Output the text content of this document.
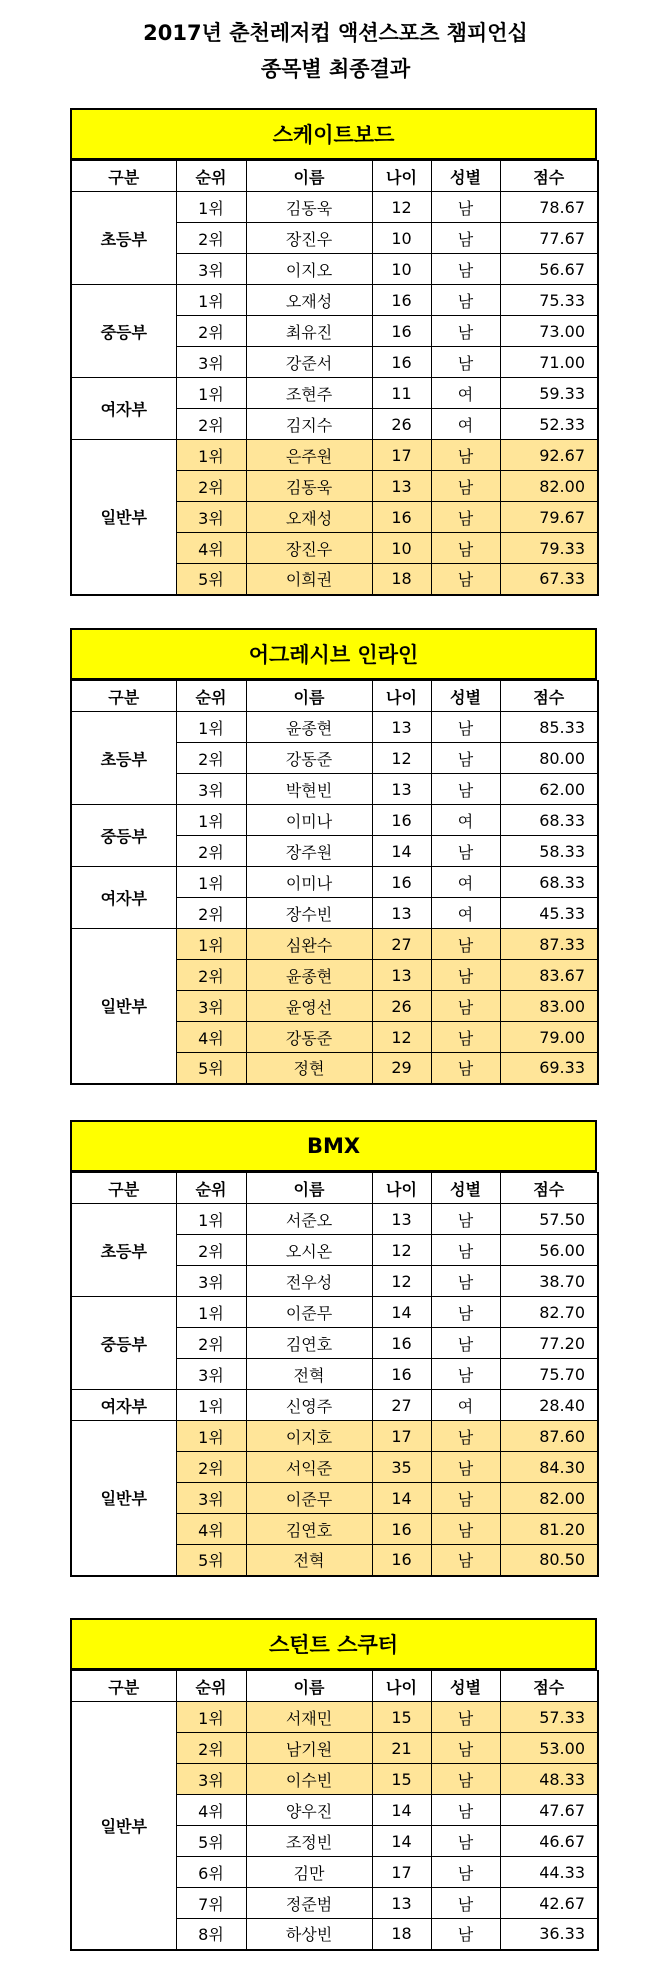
2017년 춘천레저컵 액션스포츠 챔피언십
종목별 최종결과
스케이트보드
구분	순위	이름	나이	성별	점수
초등부	1위	김동욱	12	남	78.67
	2위	장진우	10	남	77.67
	3위	이지오	10	남	56.67
중등부	1위	오재성	16	남	75.33
	2위	최유진	16	남	73.00
	3위	강준서	16	남	71.00
여자부	1위	조현주	11	여	59.33
	2위	김지수	26	여	52.33
일반부	1위	은주원	17	남	92.67
	2위	김동욱	13	남	82.00
	3위	오재성	16	남	79.67
	4위	장진우	10	남	79.33
	5위	이희권	18	남	67.33
어그레시브 인라인
구분	순위	이름	나이	성별	점수
초등부	1위	윤종현	13	남	85.33
	2위	강동준	12	남	80.00
	3위	박현빈	13	남	62.00
중등부	1위	이미나	16	여	68.33
	2위	장주원	14	남	58.33
여자부	1위	이미나	16	여	68.33
	2위	장수빈	13	여	45.33
일반부	1위	심완수	27	남	87.33
	2위	윤종현	13	남	83.67
	3위	윤영선	26	남	83.00
	4위	강동준	12	남	79.00
	5위	정현	29	남	69.33
BMX
구분	순위	이름	나이	성별	점수
초등부	1위	서준오	13	남	57.50
	2위	오시온	12	남	56.00
	3위	전우성	12	남	38.70
중등부	1위	이준무	14	남	82.70
	2위	김연호	16	남	77.20
	3위	전혁	16	남	75.70
여자부	1위	신영주	27	여	28.40
일반부	1위	이지호	17	남	87.60
	2위	서익준	35	남	84.30
	3위	이준무	14	남	82.00
	4위	김연호	16	남	81.20
	5위	전혁	16	남	80.50
스턴트 스쿠터
구분	순위	이름	나이	성별	점수
일반부	1위	서재민	15	남	57.33
	2위	남기원	21	남	53.00
	3위	이수빈	15	남	48.33
	4위	양우진	14	남	47.67
	5위	조정빈	14	남	46.67
	6위	김만	17	남	44.33
	7위	정준범	13	남	42.67
	8위	하상빈	18	남	36.33
